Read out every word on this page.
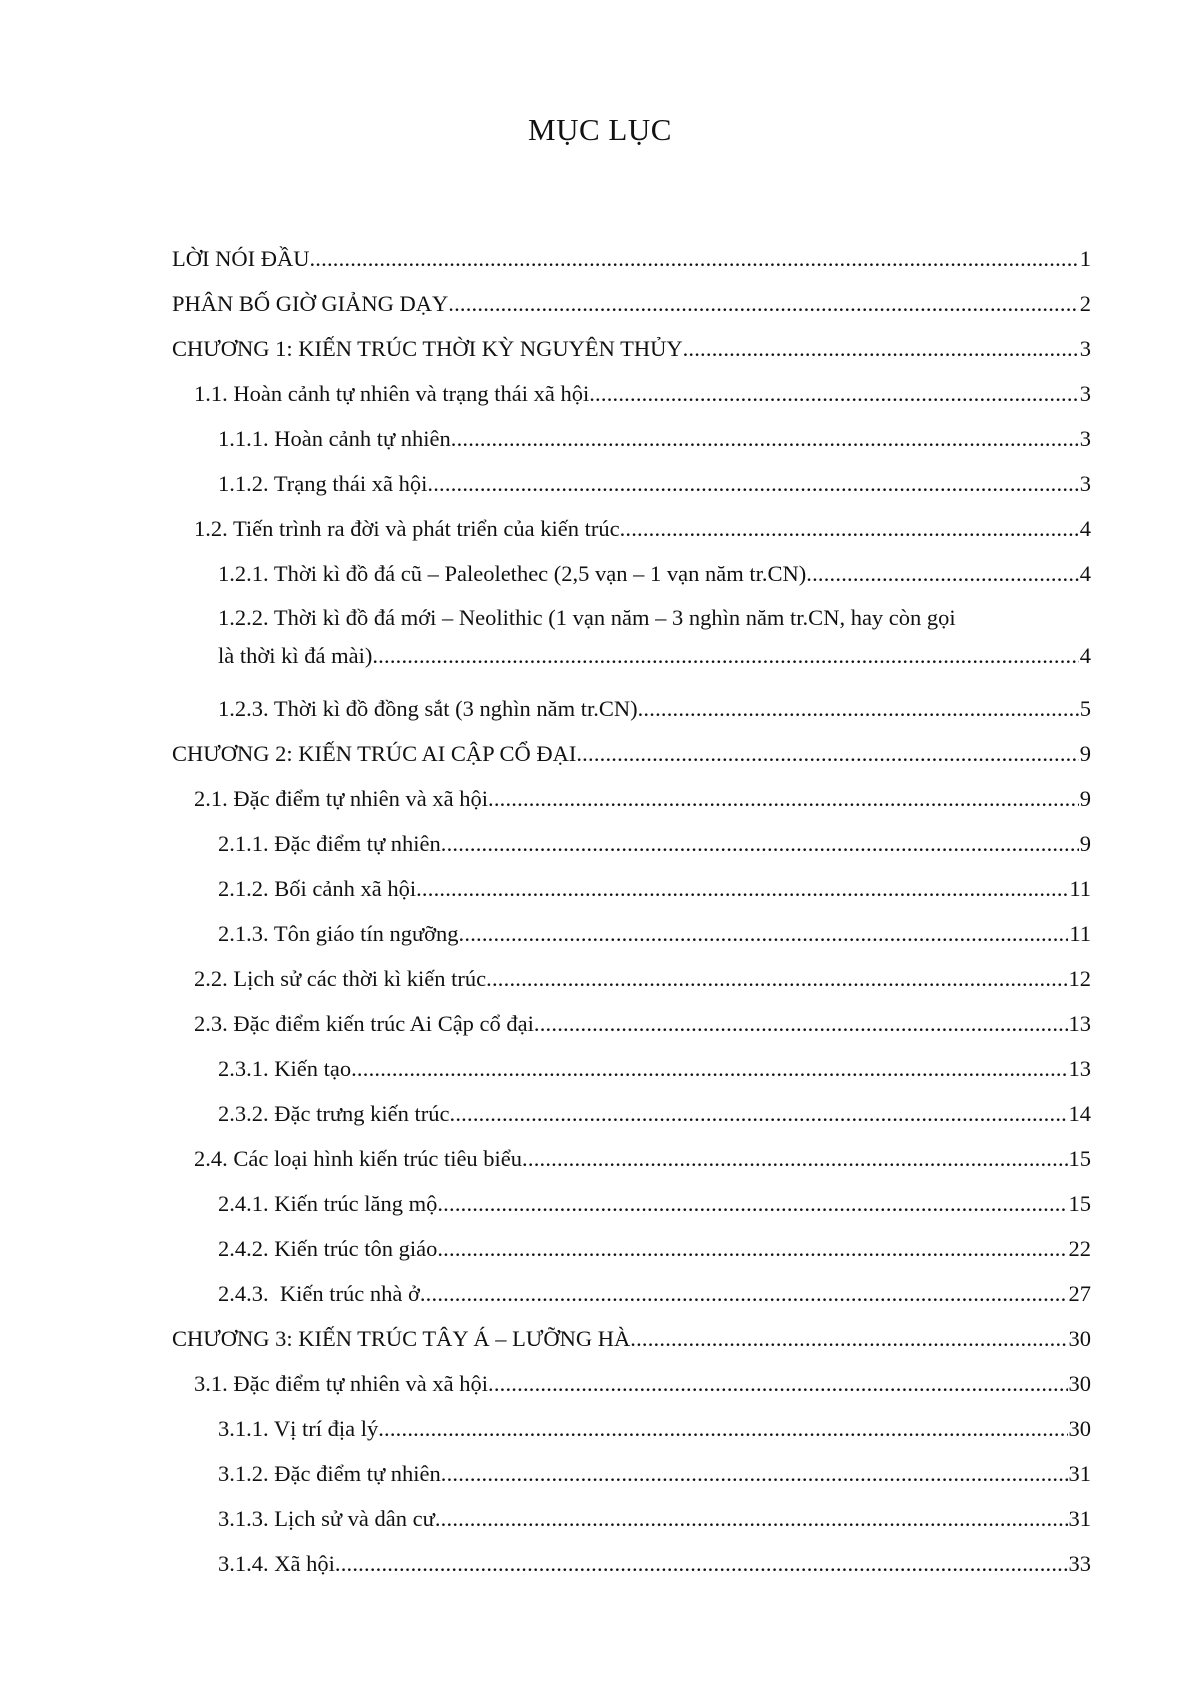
MỤC LỤC
LỜI NÓI ĐẦU .....	1
PHÂN BỐ GIỜ GIẢNG DẠY .....	2
CHƯƠNG 1: KIẾN TRÚC THỜI KỲ NGUYÊN THỦY .....	3
1.1. Hoàn cảnh tự nhiên và trạng thái xã hội .....	3
1.1.1. Hoàn cảnh tự nhiên .....	3
1.1.2. Trạng thái xã hội .....	3
1.2. Tiến trình ra đời và phát triển của kiến trúc .....	4
1.2.1. Thời kì đồ đá cũ – Paleolethec (2,5 vạn – 1 vạn năm tr.CN) .....	4
1.2.2. Thời kì đồ đá mới – Neolithic (1 vạn năm – 3 nghìn năm tr.CN, hay còn gọi
là thời kì đá mài) .....	4
1.2.3. Thời kì đồ đồng sắt (3 nghìn năm tr.CN) .....	5
CHƯƠNG 2: KIẾN TRÚC AI CẬP CỔ ĐẠI .....	9
2.1. Đặc điểm tự nhiên và xã hội .....	9
2.1.1. Đặc điểm tự nhiên .....	9
2.1.2. Bối cảnh xã hội .....	11
2.1.3. Tôn giáo tín ngưỡng .....	11
2.2. Lịch sử các thời kì kiến trúc .....	12
2.3. Đặc điểm kiến trúc Ai Cập cổ đại .....	13
2.3.1. Kiến tạo .....	13
2.3.2. Đặc trưng kiến trúc .....	14
2.4. Các loại hình kiến trúc tiêu biểu .....	15
2.4.1. Kiến trúc lăng mộ .....	15
2.4.2. Kiến trúc tôn giáo .....	22
2.4.3.  Kiến trúc nhà ở .....	27
CHƯƠNG 3: KIẾN TRÚC TÂY Á – LƯỠNG HÀ .....	30
3.1. Đặc điểm tự nhiên và xã hội .....	30
3.1.1. Vị trí địa lý .....	30
3.1.2. Đặc điểm tự nhiên .....	31
3.1.3. Lịch sử và dân cư .....	31
3.1.4. Xã hội .....	33
